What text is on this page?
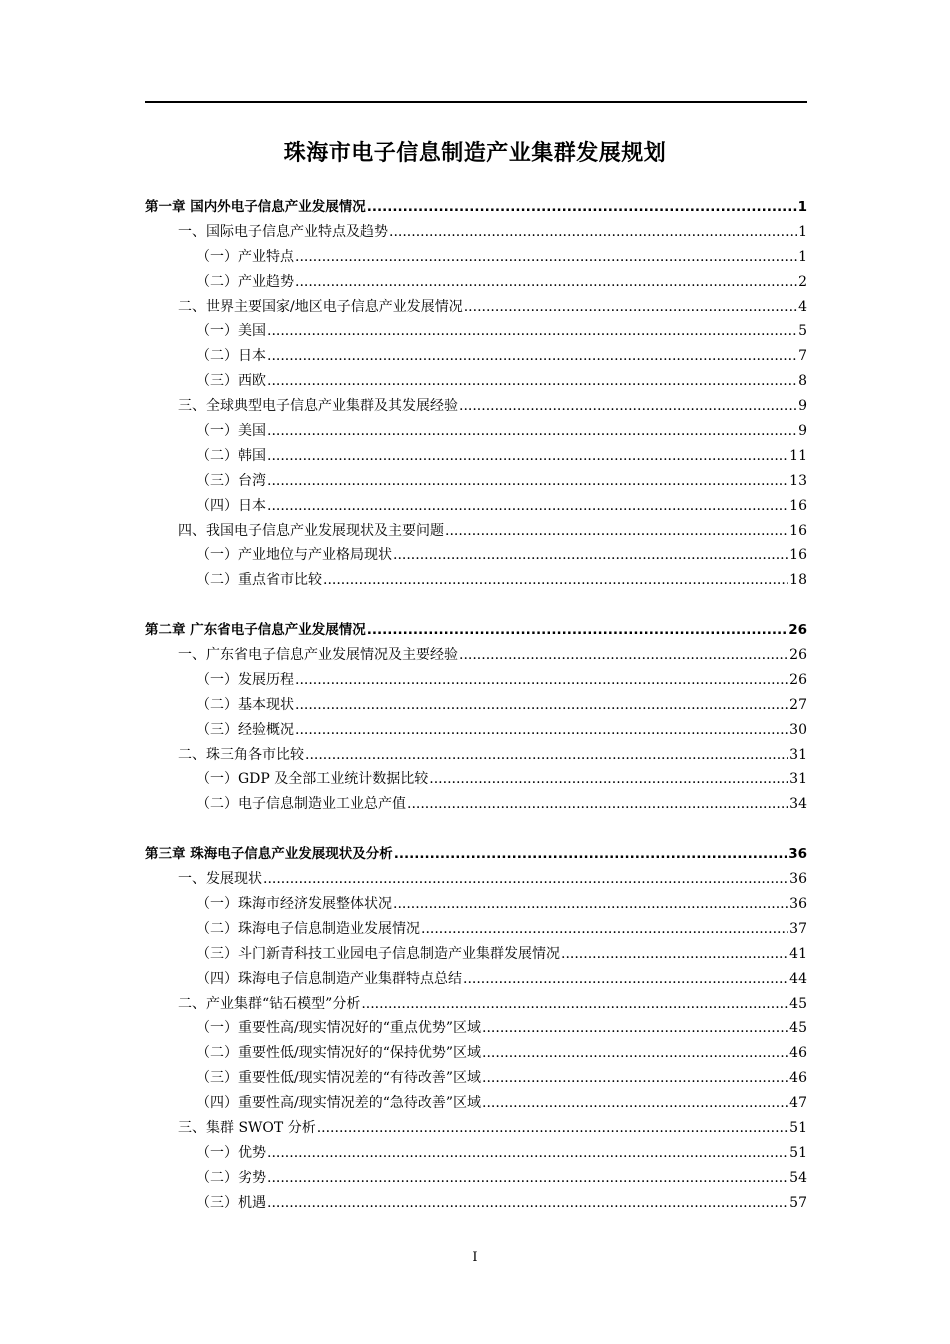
珠海市电子信息制造产业集群发展规划
第一章 国内外电子信息产业发展情况 .....	1
一、国际电子信息产业特点及趋势 .....	1
（一）产业特点 .....	1
（二）产业趋势 .....	2
二、世界主要国家/地区电子信息产业发展情况 .....	4
（一）美国 .....	5
（二）日本 .....	7
（三）西欧 .....	8
三、全球典型电子信息产业集群及其发展经验 .....	9
（一）美国 .....	9
（二）韩国 .....	11
（三）台湾 .....	13
（四）日本 .....	16
四、我国电子信息产业发展现状及主要问题 .....	16
（一）产业地位与产业格局现状 .....	16
（二）重点省市比较 .....	18
第二章 广东省电子信息产业发展情况 .....	26
一、广东省电子信息产业发展情况及主要经验 .....	26
（一）发展历程 .....	26
（二）基本现状 .....	27
（三）经验概况 .....	30
二、珠三角各市比较 .....	31
（一）GDP 及全部工业统计数据比较 .....	31
（二）电子信息制造业工业总产值 .....	34
第三章 珠海电子信息产业发展现状及分析 .....	36
一、发展现状 .....	36
（一）珠海市经济发展整体状况 .....	36
（二）珠海电子信息制造业发展情况 .....	37
（三）斗门新青科技工业园电子信息制造产业集群发展情况 .....	41
（四）珠海电子信息制造产业集群特点总结 .....	44
二、产业集群“钻石模型”分析 .....	45
（一）重要性高/现实情况好的“重点优势”区域 .....	45
（二）重要性低/现实情况好的“保持优势”区域 .....	46
（三）重要性低/现实情况差的“有待改善”区域 .....	46
（四）重要性高/现实情况差的“急待改善”区域 .....	47
三、集群 SWOT 分析 .....	51
（一）优势 .....	51
（二）劣势 .....	54
（三）机遇 .....	57
I
